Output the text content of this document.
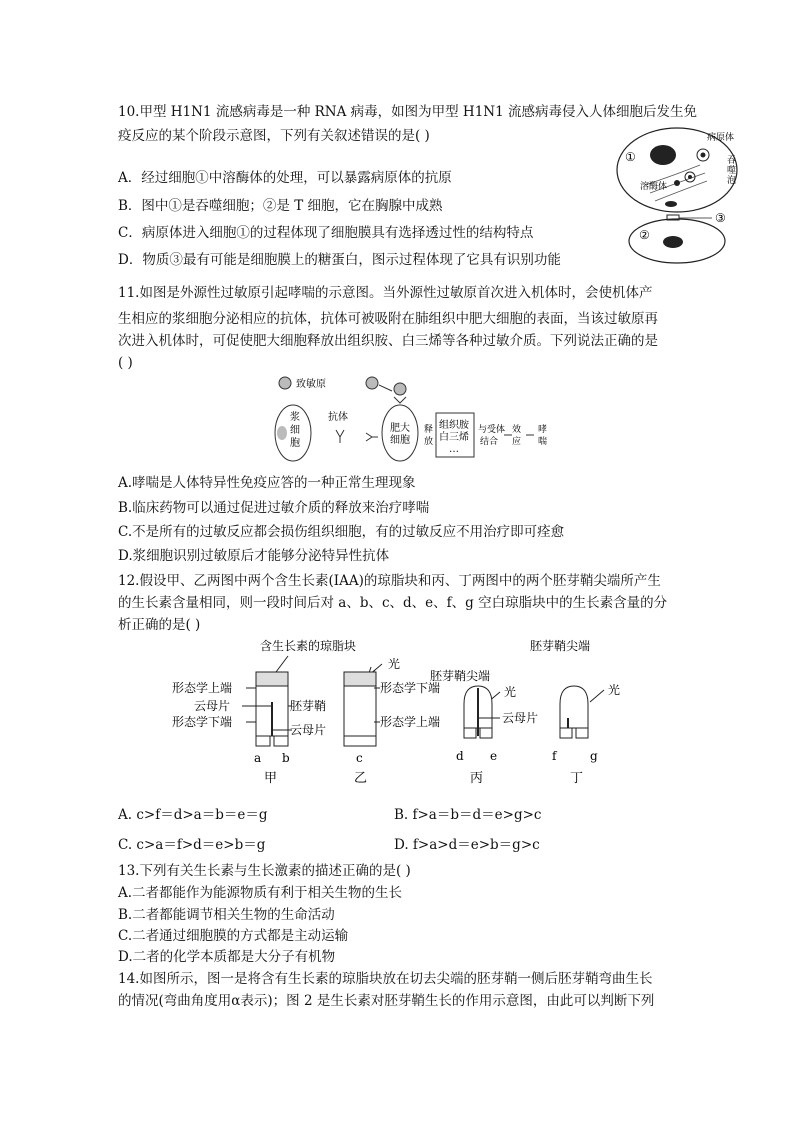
10.甲型 H1N1 流感病毒是一种 RNA 病毒，如图为甲型 H1N1 流感病毒侵入人体细胞后发生免
疫反应的某个阶段示意图，下列有关叙述错误的是( )
A．经过细胞①中溶酶体的处理，可以暴露病原体的抗原
B．图中①是吞噬细胞；②是 T 细胞，它在胸腺中成熟
C．病原体进入细胞①的过程体现了细胞膜具有选择透过性的结构特点
D．物质③最有可能是细胞膜上的糖蛋白，图示过程体现了它具有识别功能
①
②
③
病原体
吞
噬
泡
溶酶体
11.如图是外源性过敏原引起哮喘的示意图。当外源性过敏原首次进入机体时，会使机体产
生相应的浆细胞分泌相应的抗体，抗体可被吸附在肺组织中肥大细胞的表面，当该过敏原再
次进入机体时，可促使肥大细胞释放出组织胺、白三烯等各种过敏介质。下列说法正确的是
( )
致敏原
浆
细
胞
抗体
肥大
细胞
释
放
组织胺
白三烯
…
与受体
结合
效
应
哮
喘
A.哮喘是人体特异性免疫应答的一种正常生理现象
B.临床药物可以通过促进过敏介质的释放来治疗哮喘
C.不是所有的过敏反应都会损伤组织细胞，有的过敏反应不用治疗即可痊愈
D.浆细胞识别过敏原后才能够分泌特异性抗体
12.假设甲、乙两图中两个含生长素(IAA)的琼脂块和丙、丁两图中的两个胚芽鞘尖端所产生
的生长素含量相同，则一段时间后对 a、b、c、d、e、f、g 空白琼脂块中的生长素含量的分
析正确的是( )
含生长素的琼脂块
光
形态学上端
云母片
形态学下端
胚芽鞘
云母片
a b
甲
形态学下端
形态学上端
c
乙
胚芽鞘尖端
光
云母片
d e
丙
胚芽鞘尖端
光
f	g
丁
A. c>f＝d>a＝b＝e＝g	B. f>a＝b＝d＝e>g>c
C. c>a＝f>d＝e>b＝g	D. f>a>d＝e>b＝g>c
13.下列有关生长素与生长激素的描述正确的是( )
A.二者都能作为能源物质有利于相关生物的生长
B.二者都能调节相关生物的生命活动
C.二者通过细胞膜的方式都是主动运输
D.二者的化学本质都是大分子有机物
14.如图所示，图一是将含有生长素的琼脂块放在切去尖端的胚芽鞘一侧后胚芽鞘弯曲生长
的情况(弯曲角度用α表示)；图 2 是生长素对胚芽鞘生长的作用示意图，由此可以判断下列
